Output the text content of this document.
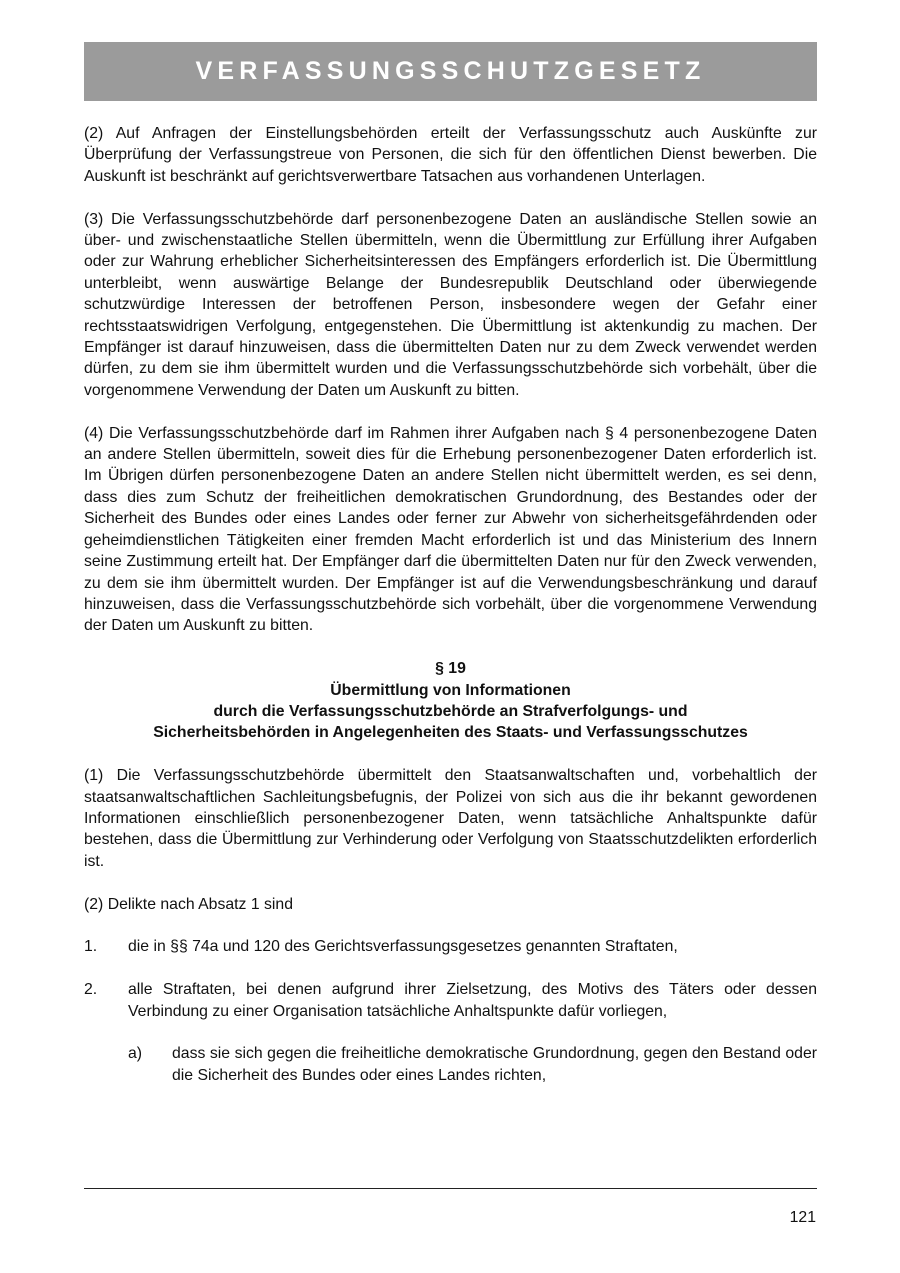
VERFASSUNGSSCHUTZGESETZ

(2) Auf Anfragen der Einstellungsbehörden erteilt der Verfassungsschutz auch Auskünfte zur Überprüfung der Verfassungstreue von Personen, die sich für den öffentlichen Dienst bewerben. Die Auskunft ist beschränkt auf gerichtsverwertbare Tatsachen aus vorhandenen Unterlagen.

(3) Die Verfassungsschutzbehörde darf personenbezogene Daten an ausländische Stellen sowie an über- und zwischenstaatliche Stellen übermitteln, wenn die Übermittlung zur Erfüllung ihrer Aufgaben oder zur Wahrung erheblicher Sicherheitsinteressen des Empfängers erforderlich ist. Die Übermittlung unterbleibt, wenn auswärtige Belange der Bundesrepublik Deutschland oder überwiegende schutzwürdige Interessen der betroffenen Person, insbesondere wegen der Gefahr einer rechtsstaatswidrigen Verfolgung, entgegenstehen. Die Übermittlung ist aktenkundig zu machen. Der Empfänger ist darauf hinzuweisen, dass die übermittelten Daten nur zu dem Zweck verwendet werden dürfen, zu dem sie ihm übermittelt wurden und die Verfassungsschutzbehörde sich vorbehält, über die vorgenommene Verwendung der Daten um Auskunft zu bitten.

(4) Die Verfassungsschutzbehörde darf im Rahmen ihrer Aufgaben nach § 4 personenbezogene Daten an andere Stellen übermitteln, soweit dies für die Erhebung personenbezogener Daten erforderlich ist. Im Übrigen dürfen personenbezogene Daten an andere Stellen nicht übermittelt werden, es sei denn, dass dies zum Schutz der freiheitlichen demokratischen Grundordnung, des Bestandes oder der Sicherheit des Bundes oder eines Landes oder ferner zur Abwehr von sicherheitsgefährdenden oder geheimdienstlichen Tätigkeiten einer fremden Macht erforderlich ist und das Ministerium des Innern seine Zustimmung erteilt hat. Der Empfänger darf die übermittelten Daten nur für den Zweck verwenden, zu dem sie ihm übermittelt wurden. Der Empfänger ist auf die Verwendungsbeschränkung und darauf hinzuweisen, dass die Verfassungsschutzbehörde sich vorbehält, über die vorgenommene Verwendung der Daten um Auskunft zu bitten.

§ 19
Übermittlung von Informationen
durch die Verfassungsschutzbehörde an Strafverfolgungs- und
Sicherheitsbehörden in Angelegenheiten des Staats- und Verfassungsschutzes

(1) Die Verfassungsschutzbehörde übermittelt den Staatsanwaltschaften und, vorbehaltlich der staatsanwaltschaftlichen Sachleitungsbefugnis, der Polizei von sich aus die ihr bekannt gewordenen Informationen einschließlich personenbezogener Daten, wenn tatsächliche Anhaltspunkte dafür bestehen, dass die Übermittlung zur Verhinderung oder Verfolgung von Staatsschutzdelikten erforderlich ist.

(2) Delikte nach Absatz 1 sind

1.	die in §§ 74a und 120 des Gerichtsverfassungsgesetzes genannten Straftaten,
2.	alle Straftaten, bei denen aufgrund ihrer Zielsetzung, des Motivs des Täters oder dessen Verbindung zu einer Organisation tatsächliche Anhaltspunkte dafür vorliegen,
a)	dass sie sich gegen die freiheitliche demokratische Grundordnung, gegen den Bestand oder die Sicherheit des Bundes oder eines Landes richten,
121
